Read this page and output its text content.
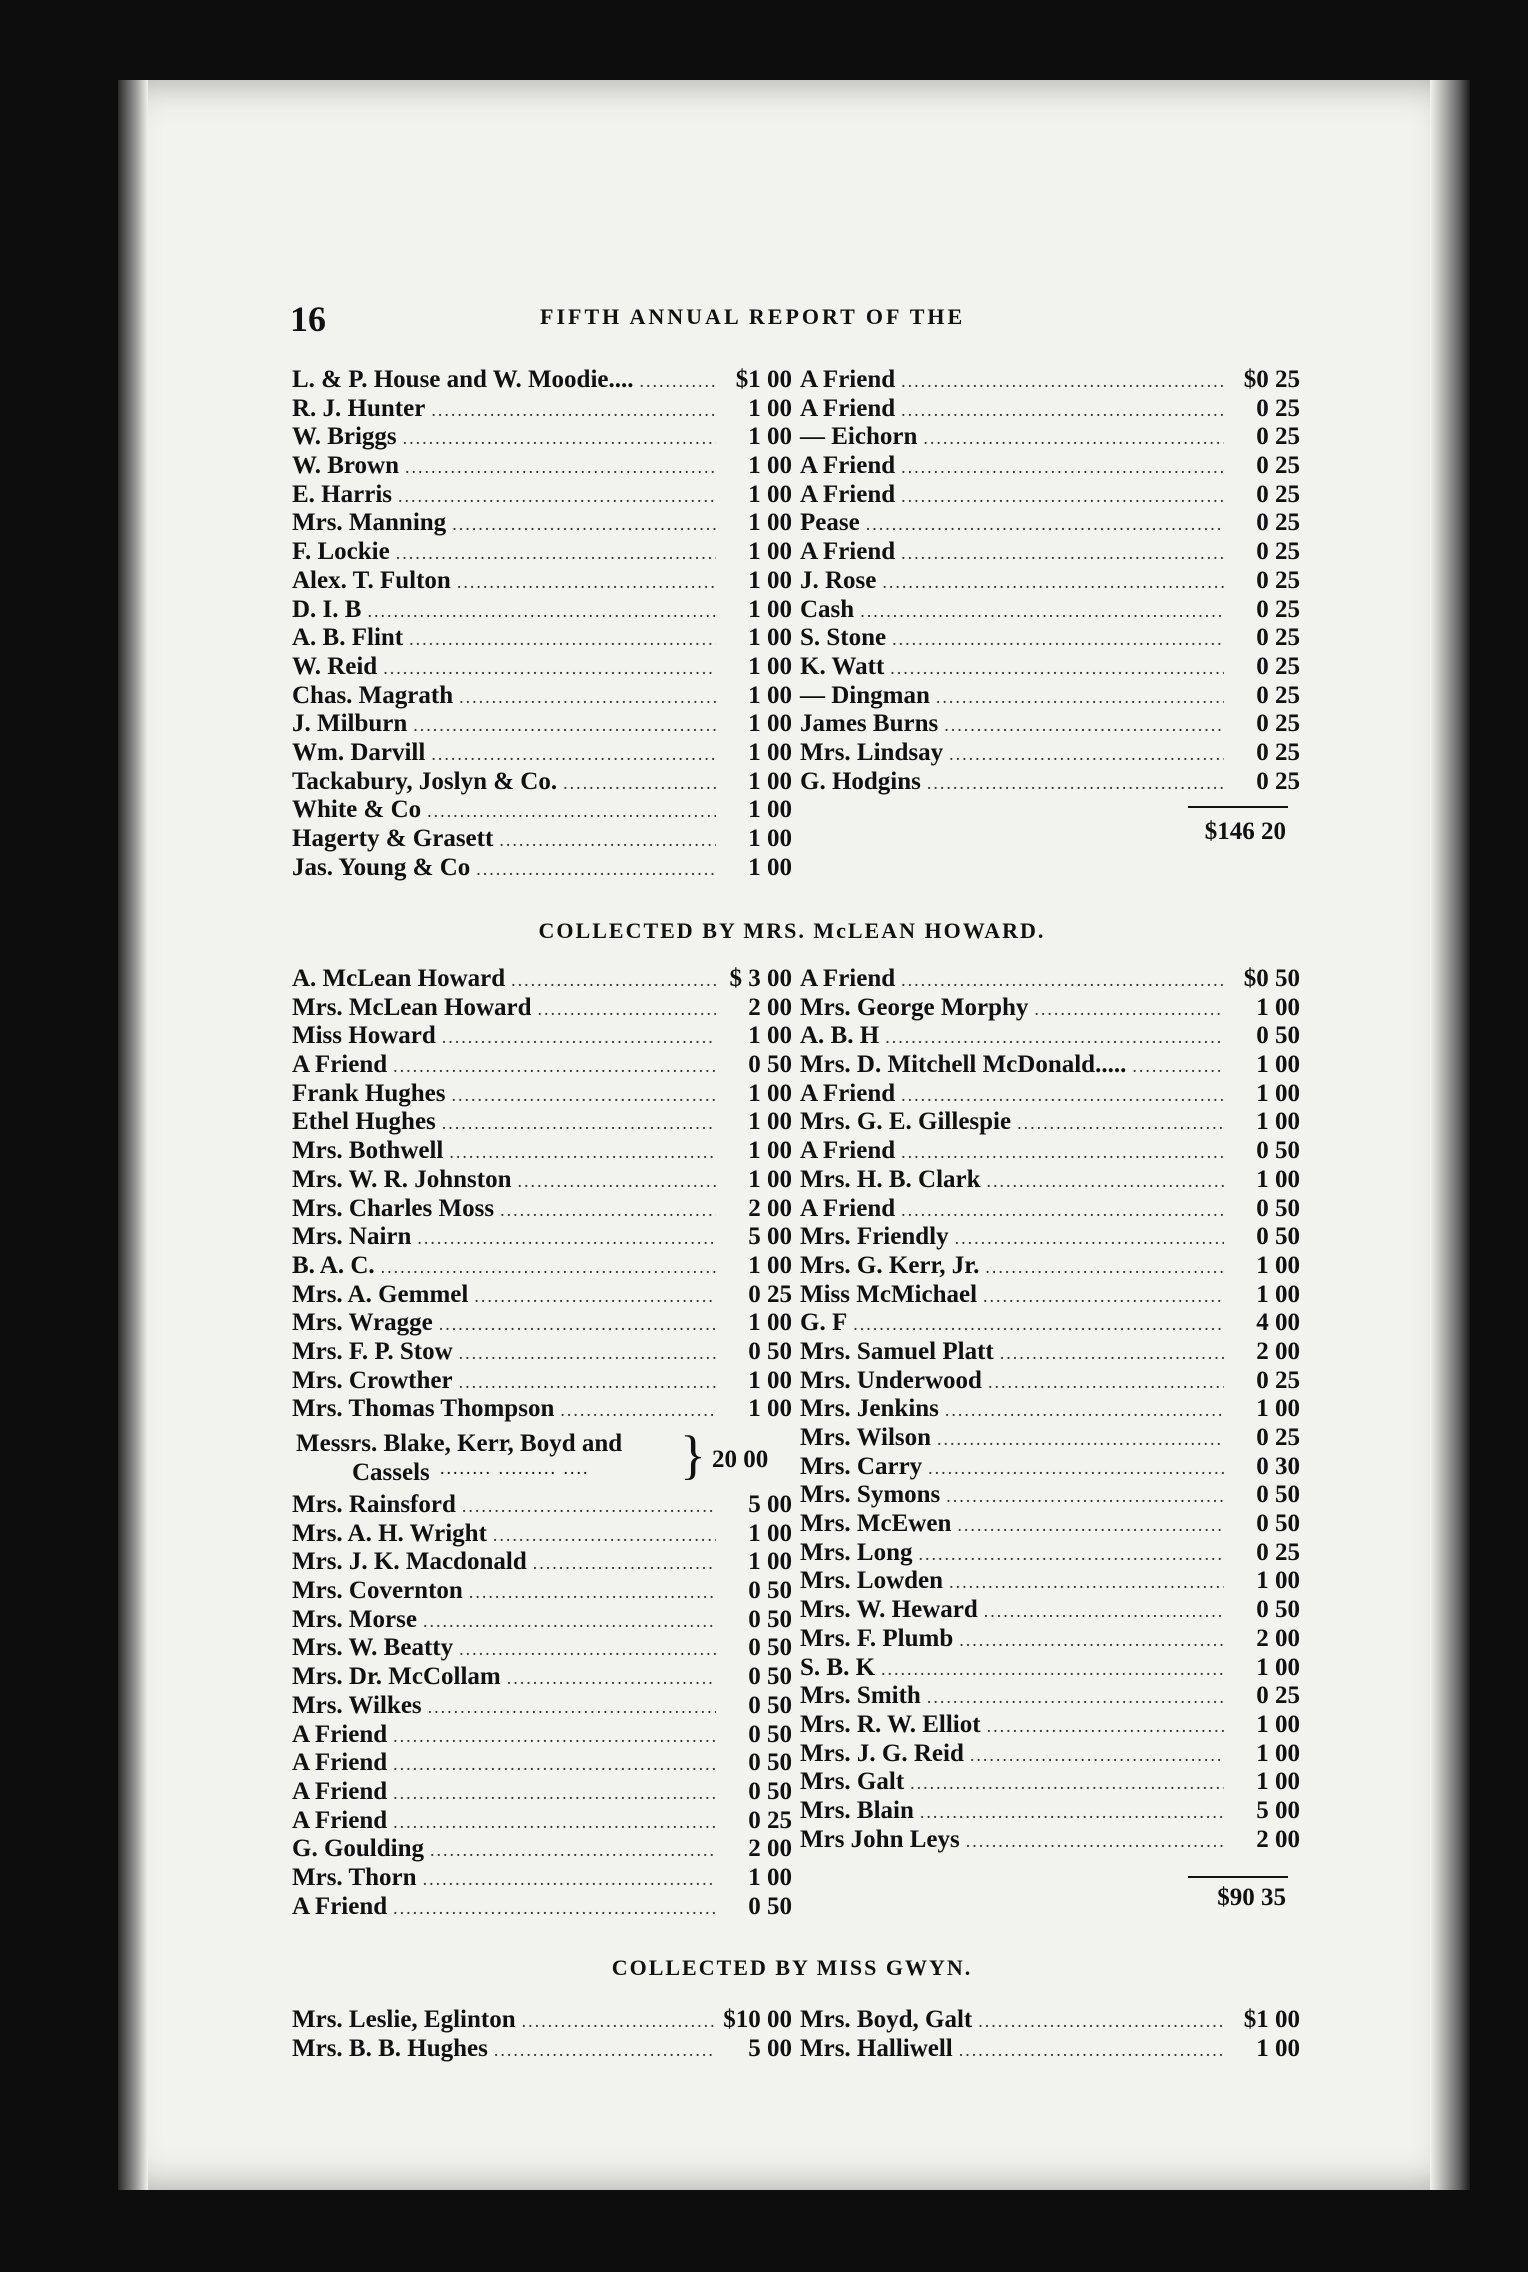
16	FIFTH ANNUAL REPORT OF THE
L. & P. House and W. Moodie.... .....	$1 00
R. J. Hunter .....	1 00
W. Briggs .....	1 00
W. Brown .....	1 00
E. Harris .....	1 00
Mrs. Manning .....	1 00
F. Lockie .....	1 00
Alex. T. Fulton .....	1 00
D. I. B .....	1 00
A. B. Flint .....	1 00
W. Reid .....	1 00
Chas. Magrath .....	1 00
J. Milburn .....	1 00
Wm. Darvill .....	1 00
Tackabury, Joslyn & Co. .....	1 00
White & Co .....	1 00
Hagerty & Grasett .....	1 00
Jas. Young & Co .....	1 00
A Friend .....	$0 25
A Friend .....	0 25
— Eichorn .....	0 25
A Friend .....	0 25
A Friend .....	0 25
Pease .....	0 25
A Friend .....	0 25
J. Rose .....	0 25
Cash .....	0 25
S. Stone .....	0 25
K. Watt .....	0 25
— Dingman .....	0 25
James Burns .....	0 25
Mrs. Lindsay .....	0 25
G. Hodgins .....	0 25
$146 20
COLLECTED BY MRS. McLEAN HOWARD.
A. McLean Howard .....	$ 3 00
Mrs. McLean Howard .....	2 00
Miss Howard .....	1 00
A Friend .....	0 50
Frank Hughes .....	1 00
Ethel Hughes .....	1 00
Mrs. Bothwell .....	1 00
Mrs. W. R. Johnston .....	1 00
Mrs. Charles Moss .....	2 00
Mrs. Nairn .....	5 00
B. A. C. .....	1 00
Mrs. A. Gemmel .....	0 25
Mrs. Wragge .....	1 00
Mrs. F. P. Stow .....	0 50
Mrs. Crowther .....	1 00
Mrs. Thomas Thompson .....	1 00
Messrs. Blake, Kerr, Boyd and
Cassels ........ ......... .... } 20 00
Mrs. Rainsford .....	5 00
Mrs. A. H. Wright .....	1 00
Mrs. J. K. Macdonald .....	1 00
Mrs. Covernton .....	0 50
Mrs. Morse .....	0 50
Mrs. W. Beatty .....	0 50
Mrs. Dr. McCollam .....	0 50
Mrs. Wilkes .....	0 50
A Friend .....	0 50
A Friend .....	0 50
A Friend .....	0 50
A Friend .....	0 25
G. Goulding .....	2 00
Mrs. Thorn .....	1 00
A Friend .....	0 50
A Friend .....	$0 50
Mrs. George Morphy .....	1 00
A. B. H .....	0 50
Mrs. D. Mitchell McDonald..... .....	1 00
A Friend .....	1 00
Mrs. G. E. Gillespie .....	1 00
A Friend .....	0 50
Mrs. H. B. Clark .....	1 00
A Friend .....	0 50
Mrs. Friendly .....	0 50
Mrs. G. Kerr, Jr. .....	1 00
Miss McMichael .....	1 00
G. F .....	4 00
Mrs. Samuel Platt .....	2 00
Mrs. Underwood .....	0 25
Mrs. Jenkins .....	1 00
Mrs. Wilson .....	0 25
Mrs. Carry .....	0 30
Mrs. Symons .....	0 50
Mrs. McEwen .....	0 50
Mrs. Long .....	0 25
Mrs. Lowden .....	1 00
Mrs. W. Heward .....	0 50
Mrs. F. Plumb .....	2 00
S. B. K .....	1 00
Mrs. Smith .....	0 25
Mrs. R. W. Elliot .....	1 00
Mrs. J. G. Reid .....	1 00
Mrs. Galt .....	1 00
Mrs. Blain .....	5 00
Mrs John Leys .....	2 00
$90 35
COLLECTED BY MISS GWYN.
Mrs. Leslie, Eglinton .....	$10 00
Mrs. B. B. Hughes .....	5 00
Mrs. Boyd, Galt .....	$1 00
Mrs. Halliwell .....	1 00
